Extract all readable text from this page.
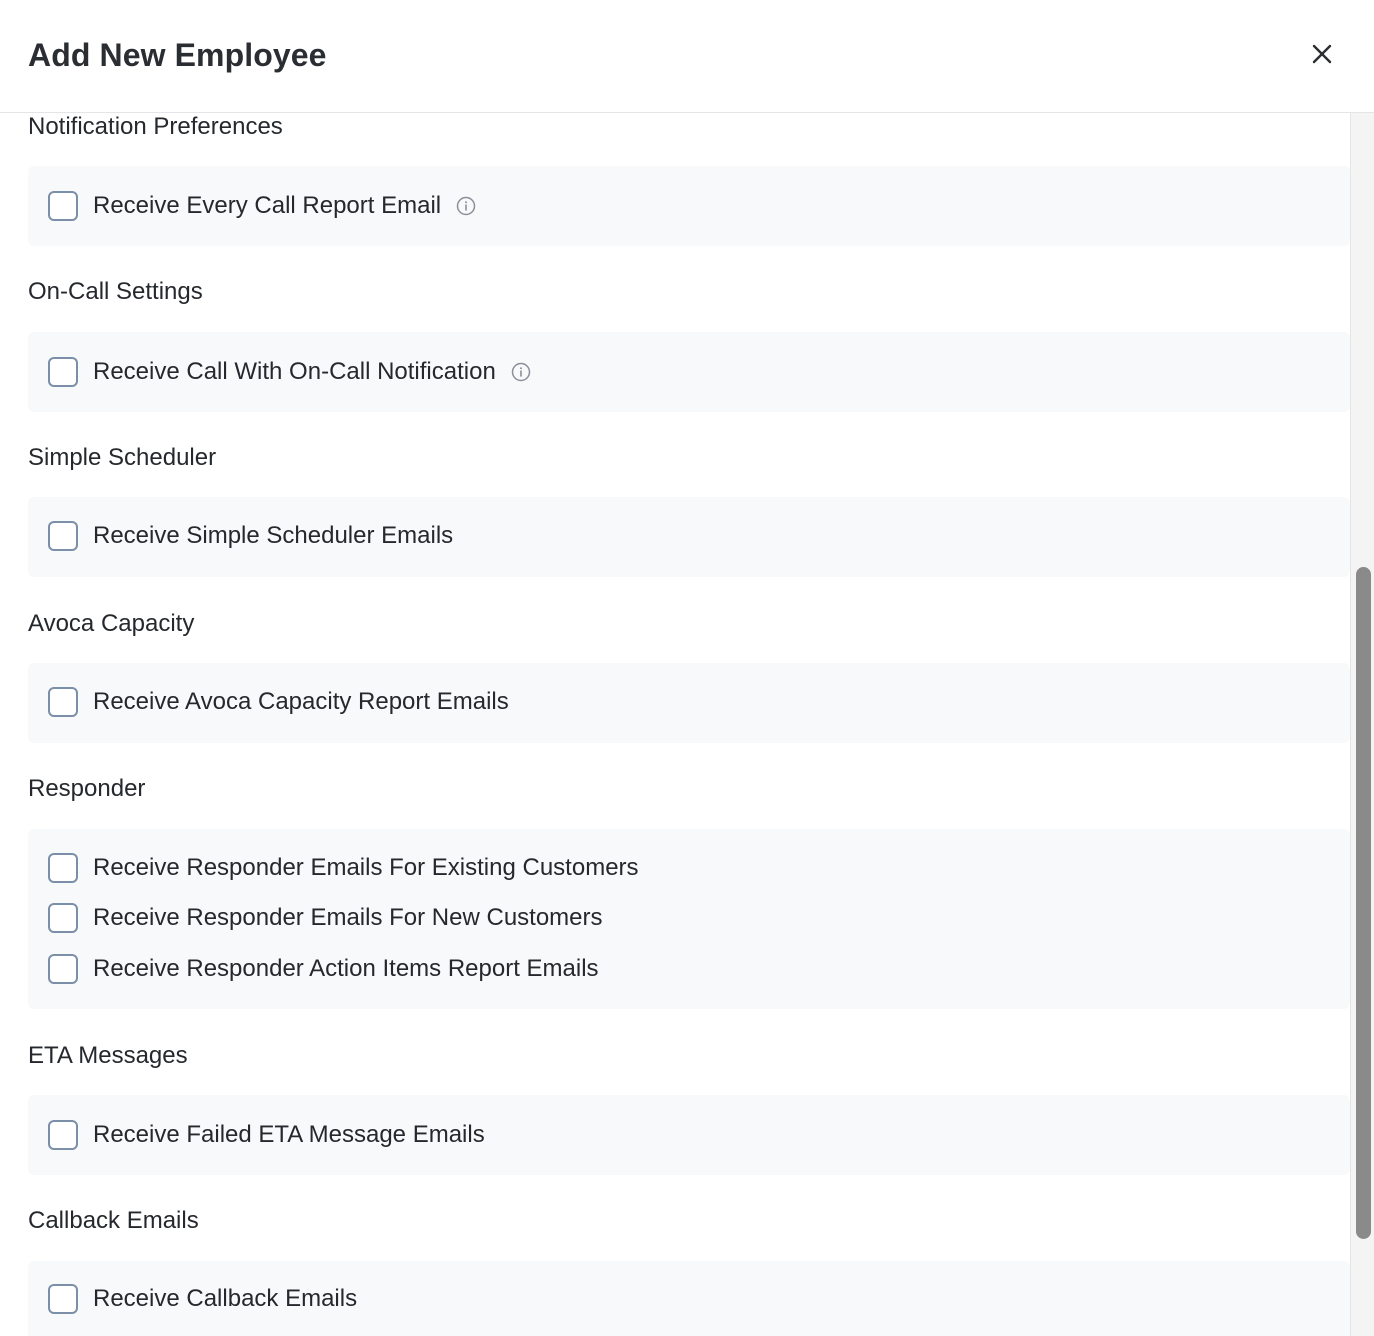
Add New Employee
Notification Preferences
Receive Every Call Report Email
On-Call Settings
Receive Call With On-Call Notification
Simple Scheduler
Receive Simple Scheduler Emails
Avoca Capacity
Receive Avoca Capacity Report Emails
Responder
Receive Responder Emails For Existing Customers
Receive Responder Emails For New Customers
Receive Responder Action Items Report Emails
ETA Messages
Receive Failed ETA Message Emails
Callback Emails
Receive Callback Emails
